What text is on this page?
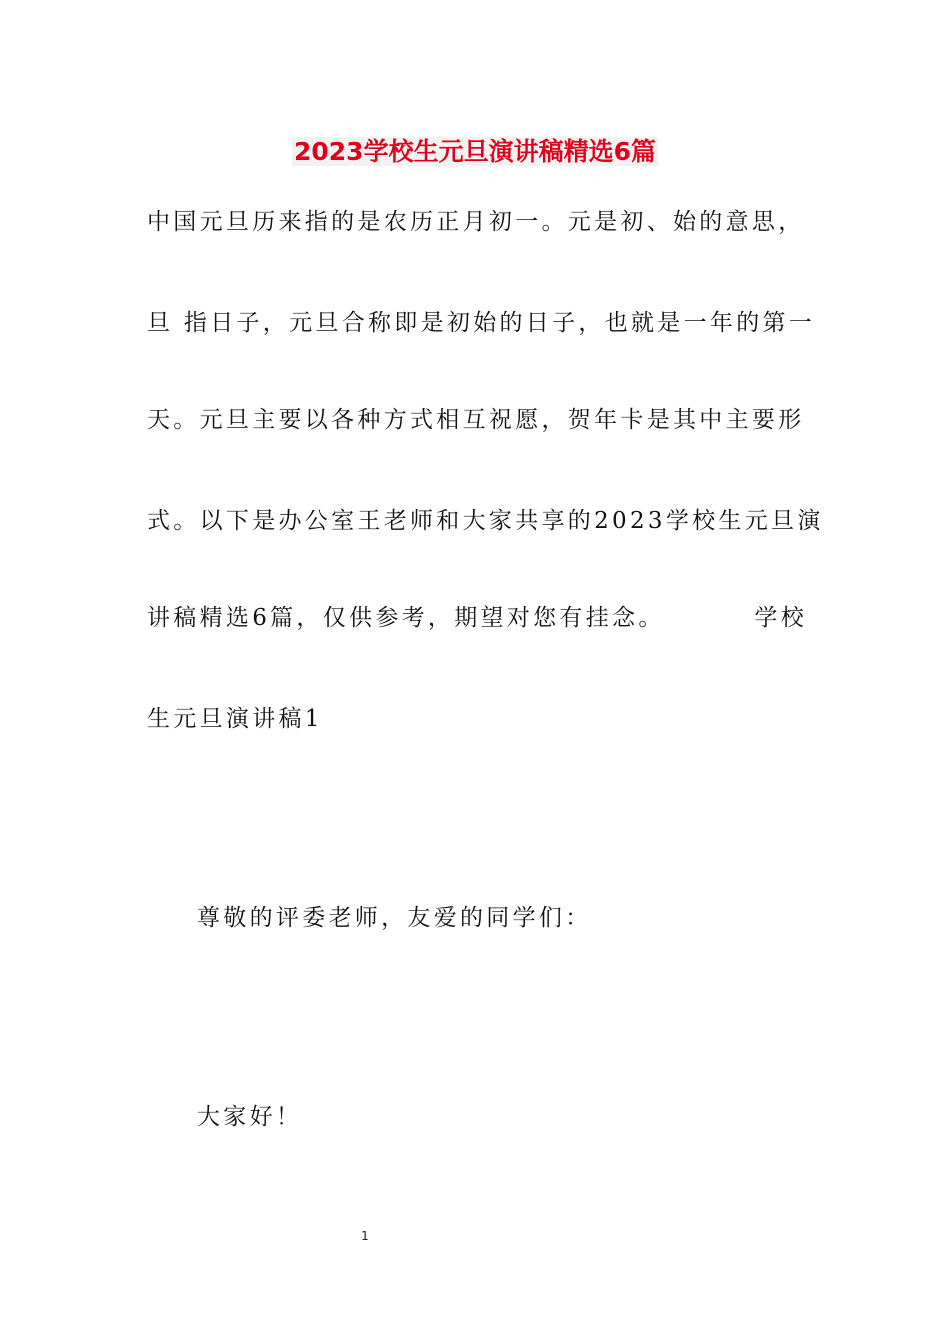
2023学校生元旦演讲稿精选6篇
中国元旦历来指的是农历正月初一。元是初、始的意思，
旦 指日子，元旦合称即是初始的日子，也就是一年的第一
天。元旦主要以各种方式相互祝愿，贺年卡是其中主要形
式。以下是办公室王老师和大家共享的2023学校生元旦演
讲稿精选6篇，仅供参考，期望对您有挂念。	学校
生元旦演讲稿1
尊敬的评委老师，友爱的同学们：
大家好！
1
